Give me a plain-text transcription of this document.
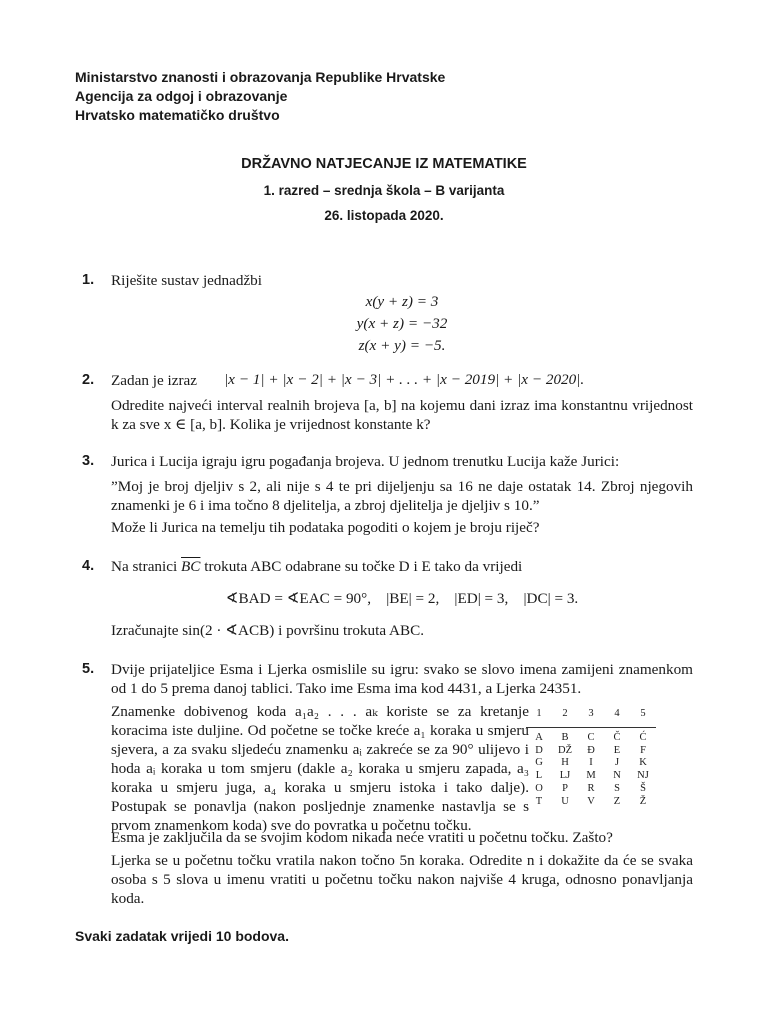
Ministarstvo znanosti i obrazovanja Republike Hrvatske
Agencija za odgoj i obrazovanje
Hrvatsko matematičko društvo
DRŽAVNO NATJECANJE IZ MATEMATIKE
1. razred – srednja škola – B varijanta
26. listopada 2020.
1. Riješite sustav jednadžbi
x(y + z) = 3
y(x + z) = −32
z(x + y) = −5.
2. Zadan je izraz	|x − 1| + |x − 2| + |x − 3| + . . . + |x − 2019| + |x − 2020|.
Odredite najveći interval realnih brojeva [a, b] na kojemu dani izraz ima konstantnu vrijednost k za sve x ∈ [a, b]. Kolika je vrijednost konstante k?
3. Jurica i Lucija igraju igru pogađanja brojeva. U jednom trenutku Lucija kaže Jurici:
”Moj je broj djeljiv s 2, ali nije s 4 te pri dijeljenju sa 16 ne daje ostatak 14. Zbroj njegovih znamenki je 6 i ima točno 8 djelitelja, a zbroj djelitelja je djeljiv s 10.”
Može li Jurica na temelju tih podataka pogoditi o kojem je broju riječ?
4. Na stranici $\overline{BC}$ trokuta ABC odabrane su točke D i E tako da vrijedi
∢BAD = ∢EAC = 90°,    |BE| = 2,    |ED| = 3,    |DC| = 3.
Izračunajte sin(2 · ∢ACB) i površinu trokuta ABC.
5. Dvije prijateljice Esma i Ljerka osmislile su igru: svako se slovo imena zamijeni znamenkom od 1 do 5 prema danoj tablici. Tako ime Esma ima kod 4431, a Ljerka 24351.
Znamenke dobivenog koda a₁a₂ . . . aₖ koriste se za kretanje koracima iste duljine. Od početne se točke kreće a₁ koraka u smjeru sjevera, a za svaku sljedeću znamenku aᵢ zakreće se za 90° ulijevo i hoda aᵢ koraka u tom smjeru (dakle a₂ koraka u smjeru zapada, a₃ koraka u smjeru juga, a₄ koraka u smjeru istoka i tako dalje). Postupak se ponavlja (nakon posljednje znamenke nastavlja se s prvom znamenkom koda) sve do povratka u početnu točku.
Esma je zaključila da se svojim kodom nikada neće vratiti u početnu točku. Zašto?
Ljerka se u početnu točku vratila nakon točno 5n koraka. Odredite n i dokažite da će se svaka osoba s 5 slova u imenu vratiti u početnu točku nakon najviše 4 kruga, odnosno ponavljanja koda.
1	2	3	4	5

A	B	C	Č	Ć
D	DŽ	Đ	E	F
G	H	I	J	K
L	LJ	M	N	NJ
O	P	R	S	Š
T	U	V	Z	Ž
Svaki zadatak vrijedi 10 bodova.
